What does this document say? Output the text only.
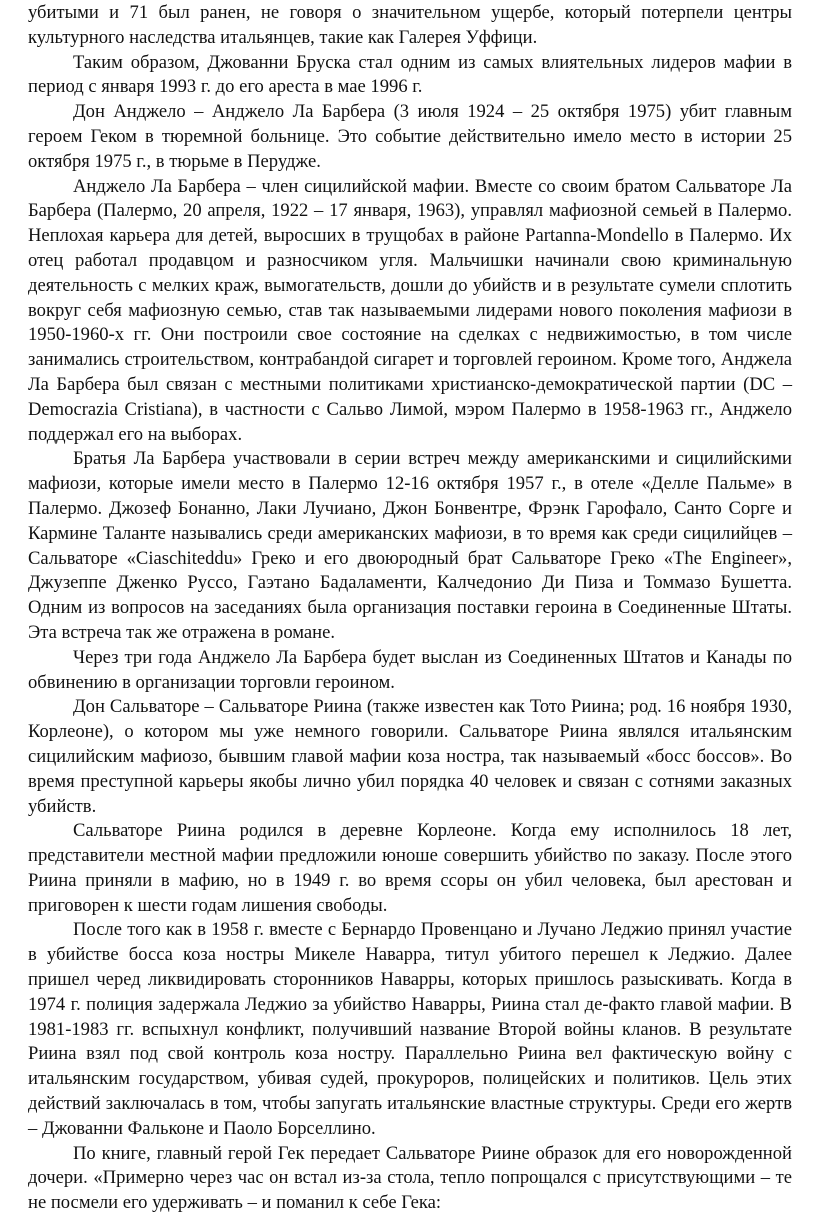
убитыми и 71 был ранен, не говоря о значительном ущербе, который потерпели центры культурного наследства итальянцев, такие как Галерея Уффици.

Таким образом, Джованни Бруска стал одним из самых влиятельных лидеров мафии в период с января 1993 г. до его ареста в мае 1996 г.

Дон Анджело – Анджело Ла Барбера (3 июля 1924 – 25 октября 1975) убит главным героем Геком в тюремной больнице. Это событие действительно имело место в истории 25 октября 1975 г., в тюрьме в Перудже.

Анджело Ла Барбера – член сицилийской мафии. Вместе со своим братом Сальваторе Ла Барбера (Палермо, 20 апреля, 1922 – 17 января, 1963), управлял мафиозной семьей в Палермо. Неплохая карьера для детей, выросших в трущобах в районе Partanna-Mondello в Палермо. Их отец работал продавцом и разносчиком угля. Мальчишки начинали свою криминальную деятельность с мелких краж, вымогательств, дошли до убийств и в результате сумели сплотить вокруг себя мафиозную семью, став так называемыми лидерами нового поколения мафиози в 1950-1960-х гг. Они построили свое состояние на сделках с недвижимостью, в том числе занимались строительством, контрабандой сигарет и торговлей героином. Кроме того, Анджела Ла Барбера был связан с местными политиками христианско-демократической партии (DC – Democrazia Cristiana), в частности с Сальво Лимой, мэром Палермо в 1958-1963 гг., Анджело поддержал его на выборах.

Братья Ла Барбера участвовали в серии встреч между американскими и сицилийскими мафиози, которые имели место в Палермо 12-16 октября 1957 г., в отеле «Делле Пальме» в Палермо. Джозеф Бонанно, Лаки Лучиано, Джон Бонвентре, Фрэнк Гарофало, Санто Сорге и Кармине Таланте назывались среди американских мафиози, в то время как среди сицилийцев – Сальваторе «Ciaschiteddu» Греко и его двоюродный брат Сальваторе Греко «The Engineer», Джузеппе Дженко Руссо, Гаэтано Бадаламенти, Калчедонио Ди Пиза и Томмазо Бушетта. Одним из вопросов на заседаниях была организация поставки героина в Соединенные Штаты. Эта встреча так же отражена в романе.

Через три года Анджело Ла Барбера будет выслан из Соединенных Штатов и Канады по обвинению в организации торговли героином.

Дон Сальваторе – Сальваторе Риина (также известен как Тото Риина; род. 16 ноября 1930, Корлеоне), о котором мы уже немного говорили. Сальваторе Риина являлся итальянским сицилийским мафиозо, бывшим главой мафии коза ностра, так называемый «босс боссов». Во время преступной карьеры якобы лично убил порядка 40 человек и связан с сотнями заказных убийств.

Сальваторе Риина родился в деревне Корлеоне. Когда ему исполнилось 18 лет, представители местной мафии предложили юноше совершить убийство по заказу. После этого Риина приняли в мафию, но в 1949 г. во время ссоры он убил человека, был арестован и приговорен к шести годам лишения свободы.

После того как в 1958 г. вместе с Бернардо Провенцано и Лучано Леджио принял участие в убийстве босса коза ностры Микеле Наварра, титул убитого перешел к Леджио. Далее пришел черед ликвидировать сторонников Наварры, которых пришлось разыскивать. Когда в 1974 г. полиция задержала Леджио за убийство Наварры, Риина стал де-факто главой мафии. В 1981-1983 гг. вспыхнул конфликт, получивший название Второй войны кланов. В результате Риина взял под свой контроль коза ностру. Параллельно Риина вел фактическую войну с итальянским государством, убивая судей, прокуроров, полицейских и политиков. Цель этих действий заключалась в том, чтобы запугать итальянские властные структуры. Среди его жертв – Джованни Фальконе и Паоло Борселлино.

По книге, главный герой Гек передает Сальваторе Риине образок для его новорожденной дочери. «Примерно через час он встал из-за стола, тепло попрощался с присутствующими – те не посмели его удерживать – и поманил к себе Гека:
